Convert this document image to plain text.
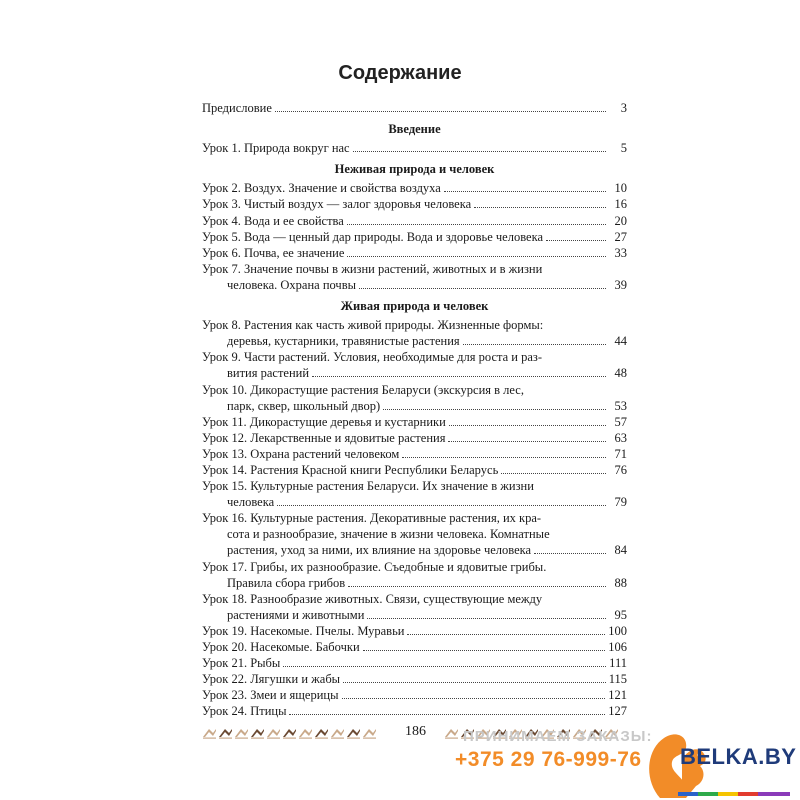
Содержание
Предисловие	3
Введение
Урок 1. Природа вокруг нас	5
Неживая природа и человек
Урок 2. Воздух. Значение и свойства воздуха	10
Урок 3. Чистый воздух — залог здоровья человека	16
Урок 4. Вода и ее свойства	20
Урок 5. Вода — ценный дар природы. Вода и здоровье человека	27
Урок 6. Почва, ее значение	33
Урок 7. Значение почвы в жизни растений, животных и в жизни
человека. Охрана почвы	39
Живая природа и человек
Урок 8. Растения как часть живой природы. Жизненные формы:
деревья, кустарники, травянистые растения	44
Урок 9. Части растений. Условия, необходимые для роста и раз-
вития растений	48
Урок 10. Дикорастущие растения Беларуси (экскурсия в лес,
парк, сквер, школьный двор)	53
Урок 11. Дикорастущие деревья и кустарники	57
Урок 12. Лекарственные и ядовитые растения	63
Урок 13. Охрана растений человеком	71
Урок 14. Растения Красной книги Республики Беларусь	76
Урок 15. Культурные растения Беларуси. Их значение в жизни
человека	79
Урок 16. Культурные растения. Декоративные растения, их кра-
сота и разнообразие, значение в жизни человека. Комнатные
растения, уход за ними, их влияние на здоровье человека	84
Урок 17. Грибы, их разнообразие. Съедобные и ядовитые грибы.
Правила сбора грибов	88
Урок 18. Разнообразие животных. Связи, существующие между
растениями и животными	95
Урок 19. Насекомые. Пчелы. Муравьи	100
Урок 20. Насекомые. Бабочки	106
Урок 21. Рыбы	111
Урок 22. Лягушки и жабы	115
Урок 23. Змеи и ящерицы	121
Урок 24. Птицы	127
186	ПРИНИМАЕМ ЗАКАЗЫ:
+375 29 76-999-76 BELKA.BY
